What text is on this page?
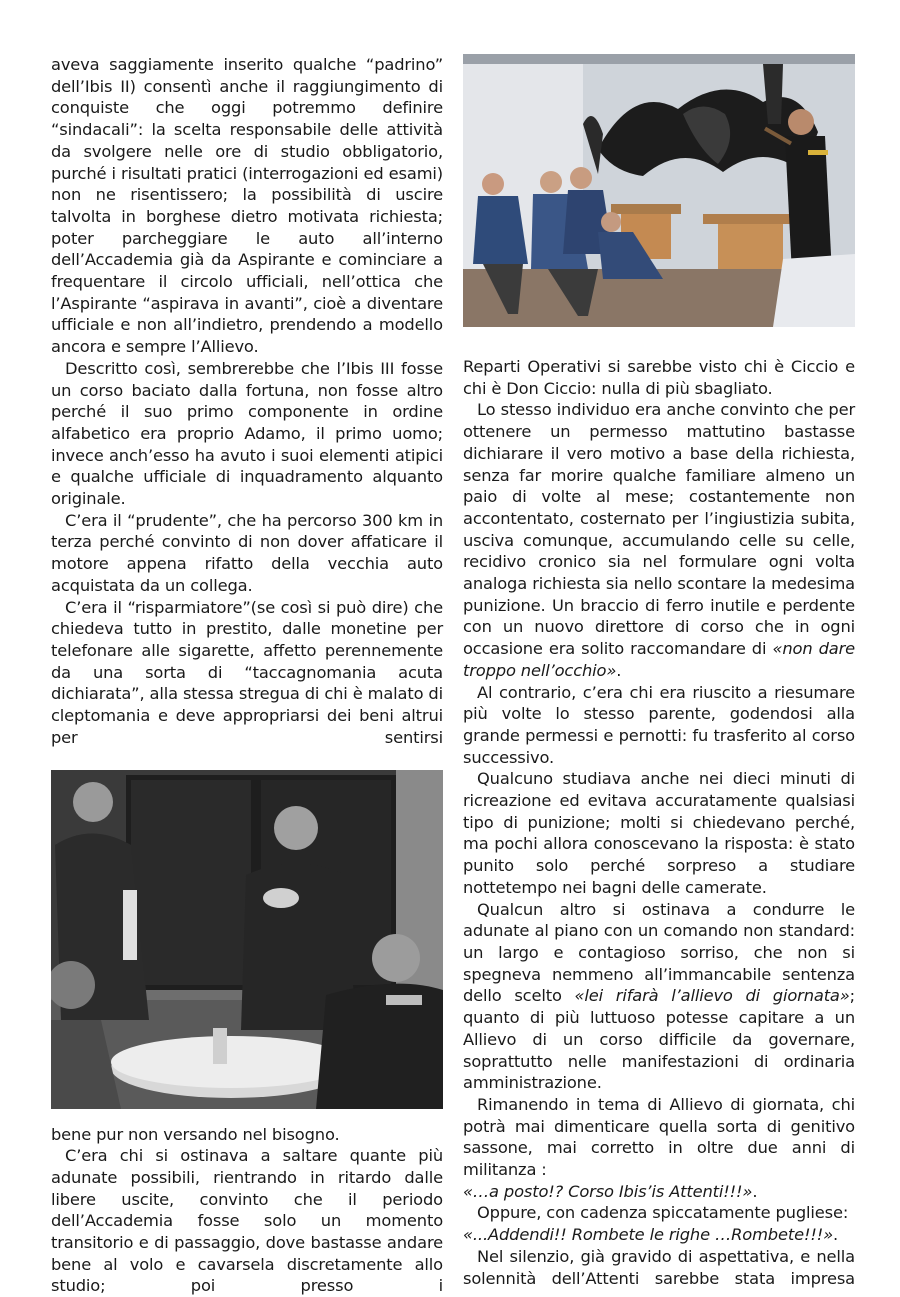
aveva saggiamente inserito qualche “padrino” dell’Ibis II) consentì anche il raggiungimento di conquiste che oggi potremmo definire “sindacali”: la scelta responsabile delle attività da svolgere nelle ore di studio obbligatorio, purché i risultati pratici (interrogazioni ed esami) non ne risentissero; la possibilità di uscire talvolta in borghese dietro motivata richiesta; poter parcheggiare le auto all’interno dell’Accademia già da Aspirante e cominciare a frequentare il circolo ufficiali, nell’ottica che l’Aspirante “aspirava in avanti”, cioè a diventare ufficiale e non all’indietro, prendendo a modello ancora e sempre l’Allievo.

Descritto così, sembrerebbe che l’Ibis III fosse un corso baciato dalla fortuna, non fosse altro perché il suo primo componente in ordine alfabetico era proprio Adamo, il primo uomo; invece anch’esso ha avuto i suoi elementi atipici e qualche ufficiale di inquadramento alquanto originale.

C’era il “prudente”, che ha percorso 300 km in terza perché convinto di non dover affaticare il motore appena rifatto della vecchia auto acquistata da un collega.

C’era il “risparmiatore”(se così si può dire) che chiedeva tutto in prestito, dalle monetine per telefonare alle sigarette, affetto perennemente da una sorta di “taccagnomania acuta dichiarata”, alla stessa stregua di chi è malato di cleptomania e deve appropriarsi dei beni altrui per sentirsi

bene pur non versando nel bisogno.

C’era chi si ostinava a saltare quante più adunate possibili, rientrando in ritardo dalle libere uscite, convinto che il periodo dell’Accademia fosse solo un momento transitorio e di passaggio, dove bastasse andare bene al volo e cavarsela discretamente allo studio; poi presso i

Reparti Operativi si sarebbe visto chi è Ciccio e chi è Don Ciccio: nulla di più sbagliato.

Lo stesso individuo era anche convinto che per ottenere un permesso mattutino bastasse dichiarare il vero motivo a base della richiesta, senza far morire qualche familiare almeno un paio di volte al mese; costantemente non accontentato, costernato per l’ingiustizia subita, usciva comunque, accumulando celle su celle, recidivo cronico sia nel formulare ogni volta analoga richiesta sia nello scontare la medesima punizione. Un braccio di ferro inutile e perdente con un nuovo direttore di corso che in ogni occasione era solito raccomandare di «non dare troppo nell’occhio».

Al contrario, c’era chi era riuscito a riesumare più volte lo stesso parente, godendosi alla grande permessi e pernotti: fu trasferito al corso successivo.

Qualcuno studiava anche nei dieci minuti di ricreazione ed evitava accuratamente qualsiasi tipo di punizione; molti si chiedevano perché, ma pochi allora conoscevano la risposta: è stato punito solo perché sorpreso a studiare nottetempo nei bagni delle camerate.

Qualcun altro si ostinava a condurre le adunate al piano con un comando non standard: un largo e contagioso sorriso, che non si spegneva nemmeno all’immancabile sentenza dello scelto «lei rifarà l’allievo di giornata»; quanto di più luttuoso potesse capitare a un Allievo di un corso difficile da governare, soprattutto nelle manifestazioni di ordinaria amministrazione.

Rimanendo in tema di Allievo di giornata, chi potrà mai dimenticare quella sorta di genitivo sassone, mai corretto in oltre due anni di militanza :
«…a posto!? Corso Ibis’is Attenti!!!».

Oppure, con cadenza spiccatamente pugliese:
«...Addendi!! Rombete le righe …Rombete!!!».

Nel silenzio, già gravido di aspettativa, e nella solennità dell’Attenti sarebbe stata impresa
